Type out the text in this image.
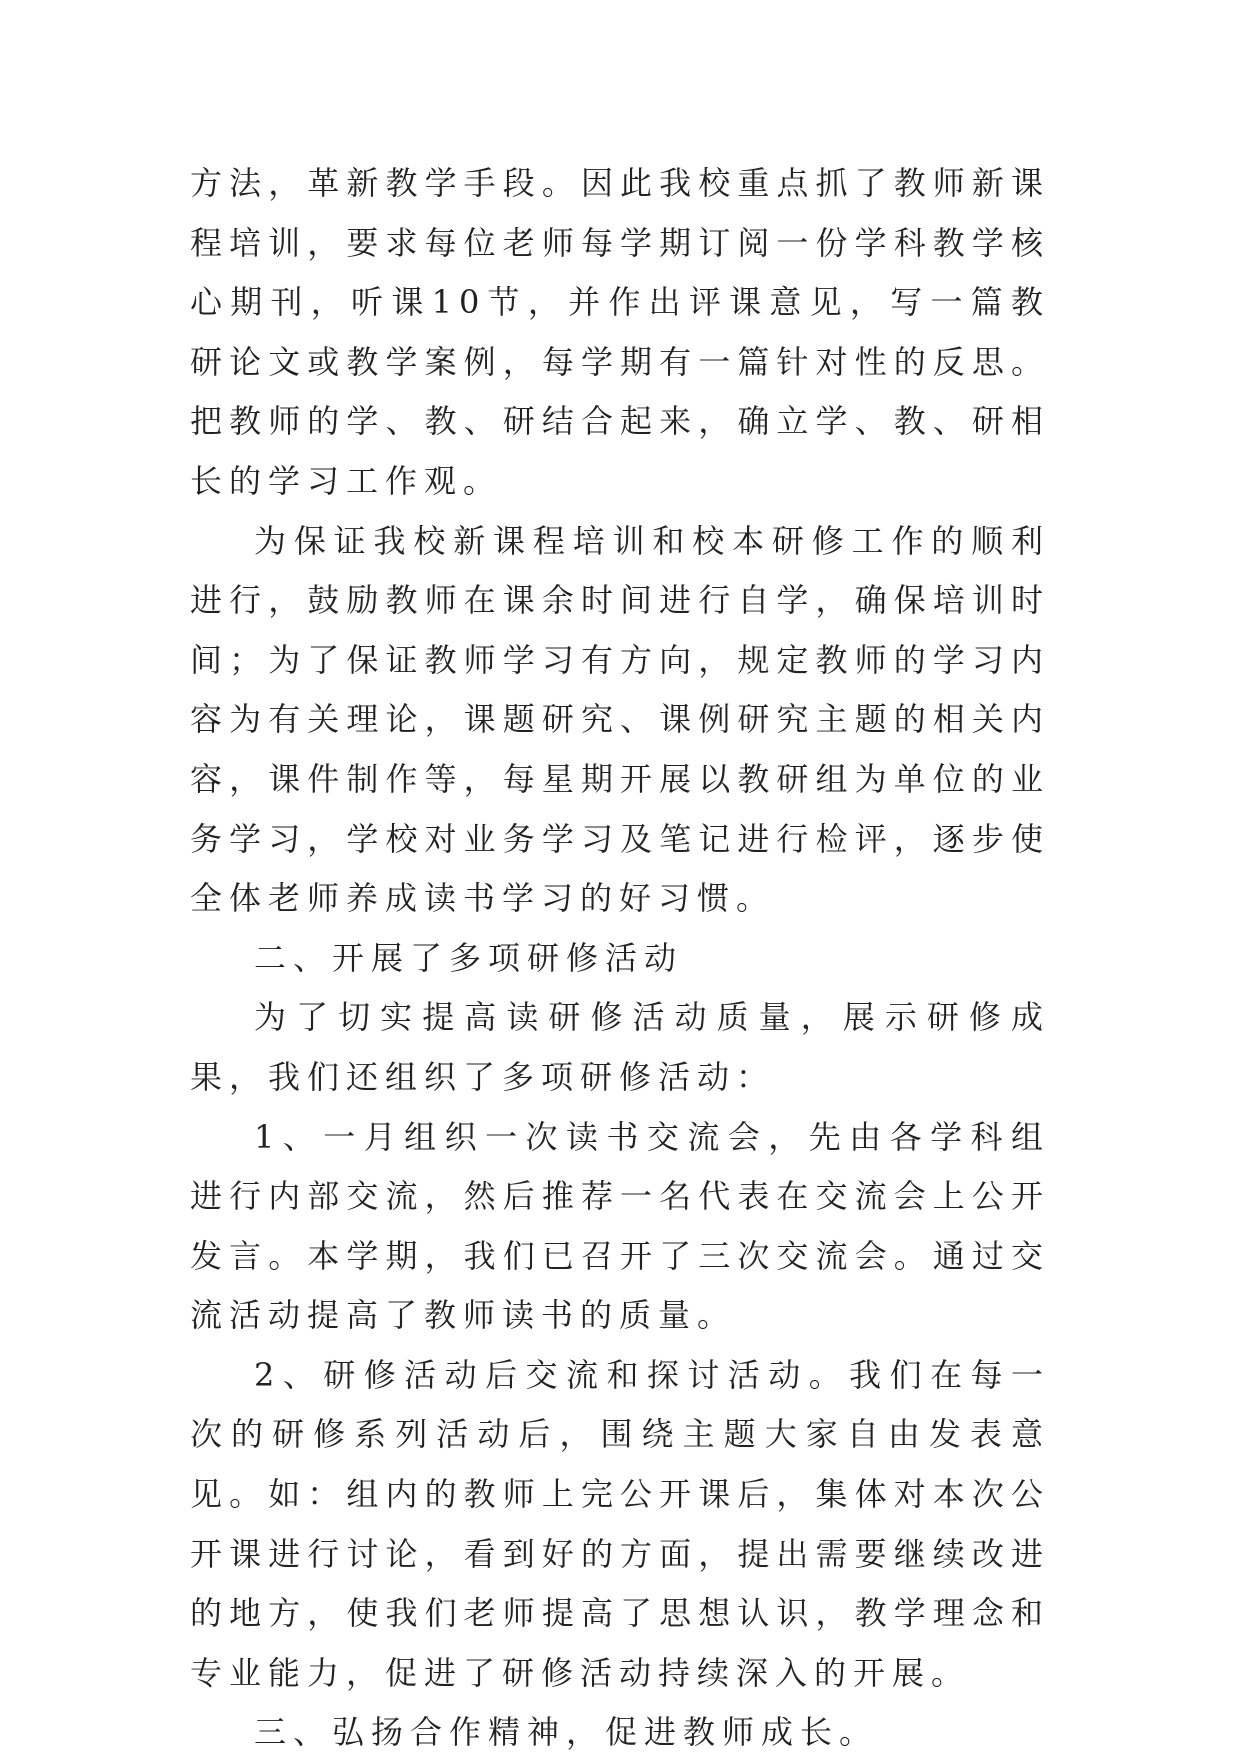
方法，革新教学手段。因此我校重点抓了教师新课程培训，要求每位老师每学期订阅一份学科教学核心期刊，听课10节，并作出评课意见，写一篇教研论文或教学案例，每学期有一篇针对性的反思。把教师的学、教、研结合起来，确立学、教、研相长的学习工作观。

为保证我校新课程培训和校本研修工作的顺利进行，鼓励教师在课余时间进行自学，确保培训时间；为了保证教师学习有方向，规定教师的学习内容为有关理论，课题研究、课例研究主题的相关内容，课件制作等，每星期开展以教研组为单位的业务学习，学校对业务学习及笔记进行检评，逐步使全体老师养成读书学习的好习惯。

二、开展了多项研修活动

为了切实提高读研修活动质量，展示研修成果，我们还组织了多项研修活动：

1、一月组织一次读书交流会，先由各学科组进行内部交流，然后推荐一名代表在交流会上公开发言。本学期，我们已召开了三次交流会。通过交流活动提高了教师读书的质量。

2、研修活动后交流和探讨活动。我们在每一次的研修系列活动后，围绕主题大家自由发表意见。如：组内的教师上完公开课后，集体对本次公开课进行讨论，看到好的方面，提出需要继续改进的地方，使我们老师提高了思想认识，教学理念和专业能力，促进了研修活动持续深入的开展。

三、弘扬合作精神，促进教师成长。
